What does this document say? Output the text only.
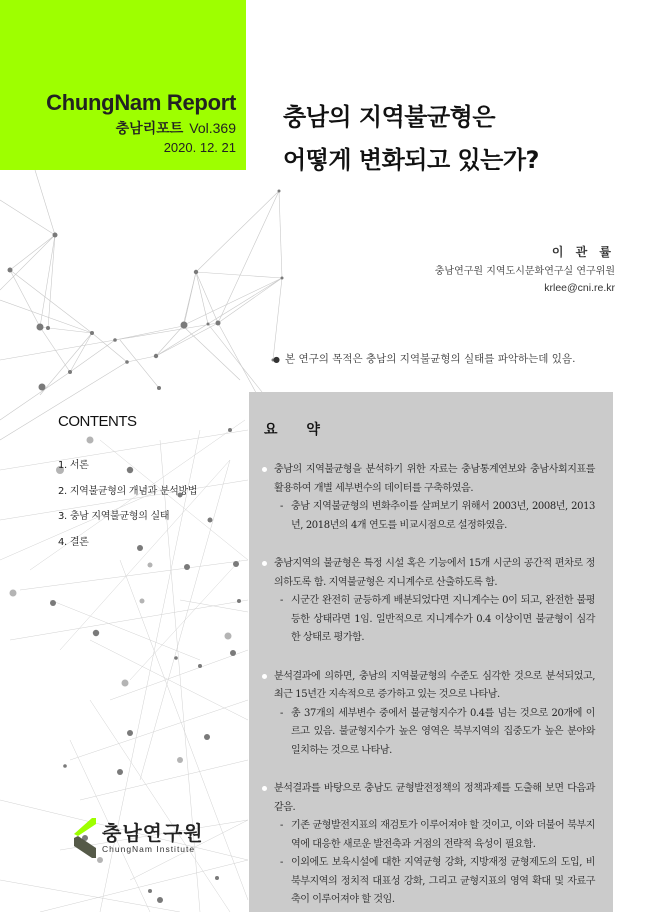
ChungNam Report
충남리포트 Vol.369
2020. 12. 21
충남의 지역불균형은
어떻게 변화되고 있는가?
이 관 률
충남연구원 지역도시문화연구실 연구위원
krlee@cni.re.kr
● 본 연구의 목적은 충남의 지역불균형의 실태를 파악하는데 있음.
CONTENTS
1. 서론
2. 지역불균형의 개념과 분석방법
3. 충남 지역불균형의 실태
4. 결론
요 약
충남의 지역불균형을 분석하기 위한 자료는 충남통계연보와 충남사회지표를 활용하여 개별 세부변수의 데이터를 구축하였음.
- 충남 지역불균형의 변화추이를 살펴보기 위해서 2003년, 2008년, 2013년, 2018년의 4개 연도를 비교시점으로 설정하였음.
충남지역의 불균형은 특정 시설 혹은 기능에서 15개 시군의 공간적 편차로 정의하도록 함. 지역불균형은 지니계수로 산출하도록 함.
- 시군간 완전히 균등하게 배분되었다면 지니계수는 0이 되고, 완전한 불평등한 상태라면 1임. 일반적으로 지니계수가 0.4 이상이면 불균형이 심각한 상태로 평가함.
분석결과에 의하면, 충남의 지역불균형의 수준도 심각한 것으로 분석되었고, 최근 15년간 지속적으로 증가하고 있는 것으로 나타남.
- 총 37개의 세부변수 중에서 불균형지수가 0.4를 넘는 것으로 20개에 이르고 있음. 불균형지수가 높은 영역은 북부지역의 집중도가 높은 분야와 일치하는 것으로 나타남.
분석결과를 바탕으로 충남도 균형발전정책의 정책과제를 도출해 보면 다음과 같음.
- 기존 균형발전지표의 재검토가 이루어져야 할 것이고, 이와 더불어 북부지역에 대응한 새로운 발전축과 거점의 전략적 육성이 필요함.
- 이외에도 보육시설에 대한 지역균형 강화, 지방재정 균형제도의 도입, 비북부지역의 정치적 대표성 강화, 그리고 균형지표의 영역 확대 및 자료구축이 이루어져야 할 것임.
충남연구원
ChungNam Institute
